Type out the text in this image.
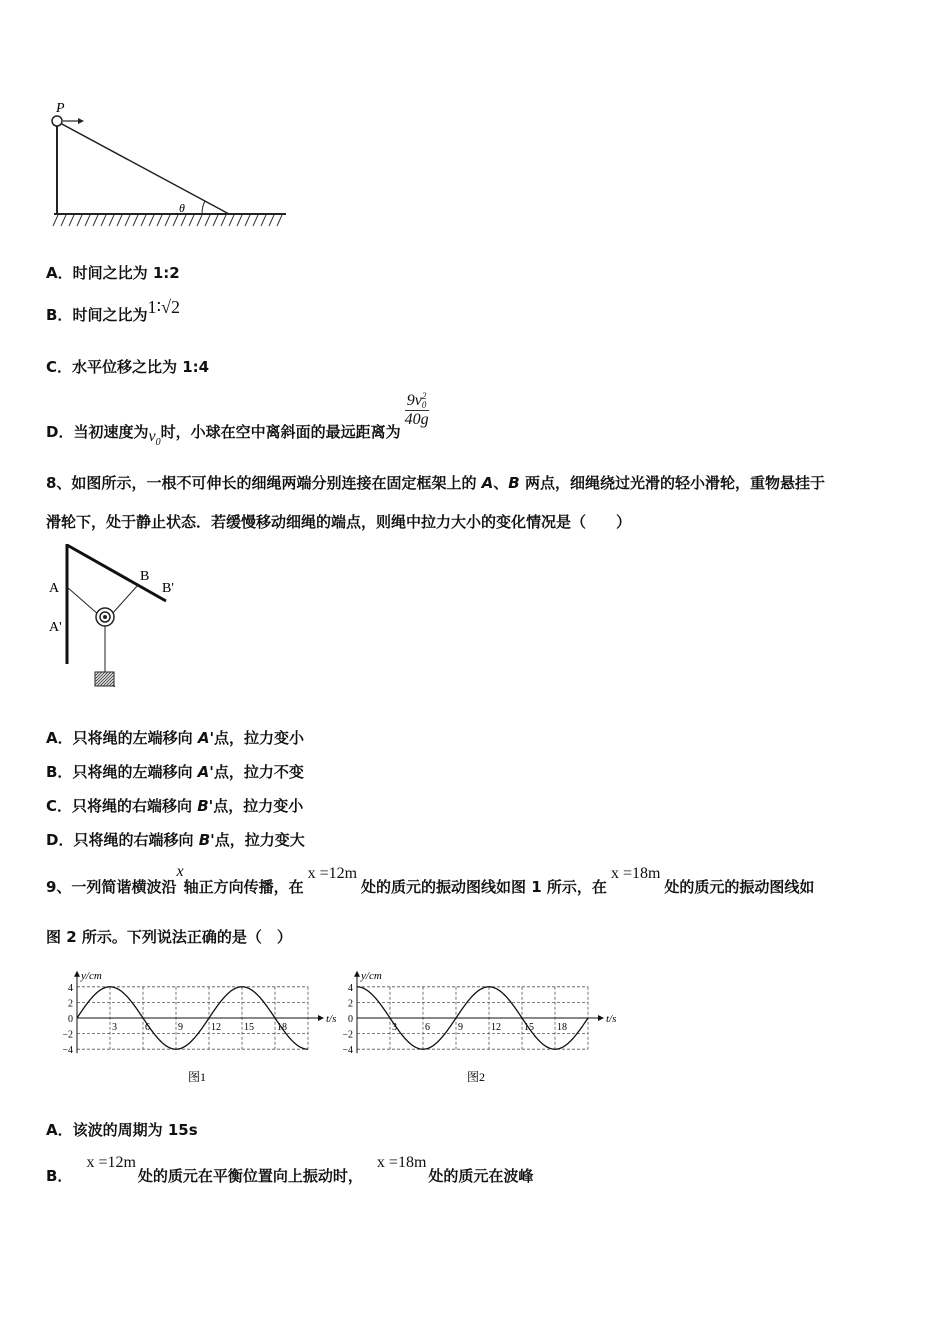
P
θ
A．时间之比为 1:2
B．时间之比为1∶√2
C．水平位移之比为 1:4
D．当初速度为$v_0$时，小球在空中离斜面的最远距离为
9v 2
0
40g
8、如图所示，一根不可伸长的细绳两端分别连接在固定框架上的 A、B 两点，细绳绕过光滑的轻小滑轮，重物悬挂于
滑轮下，处于静止状态．若缓慢移动细绳的端点，则绳中拉力大小的变化情况是（　　）
A
A'
B
B'
A．只将绳的左端移向 A'点，拉力变小
B．只将绳的左端移向 A'点，拉力不变
C．只将绳的右端移向 B'点，拉力变小
D．只将绳的右端移向 B'点，拉力变大
9、一列简谐横波沿x轴正方向传播，在x =12m处的质元的振动图线如图 1 所示，在x =18m处的质元的振动图线如
图 2 所示。下列说法正确的是（　）
4
2
0
−2
−4
3	6	9	12 15 18
y/cm
t/s
图1
4
2
0
−2
−4
3	6	9	12 15 18
y/cm
t/s
图2
A．该波的周期为 15s
B．x =12m处的质元在平衡位置向上振动时，x =18m处的质元在波峰
